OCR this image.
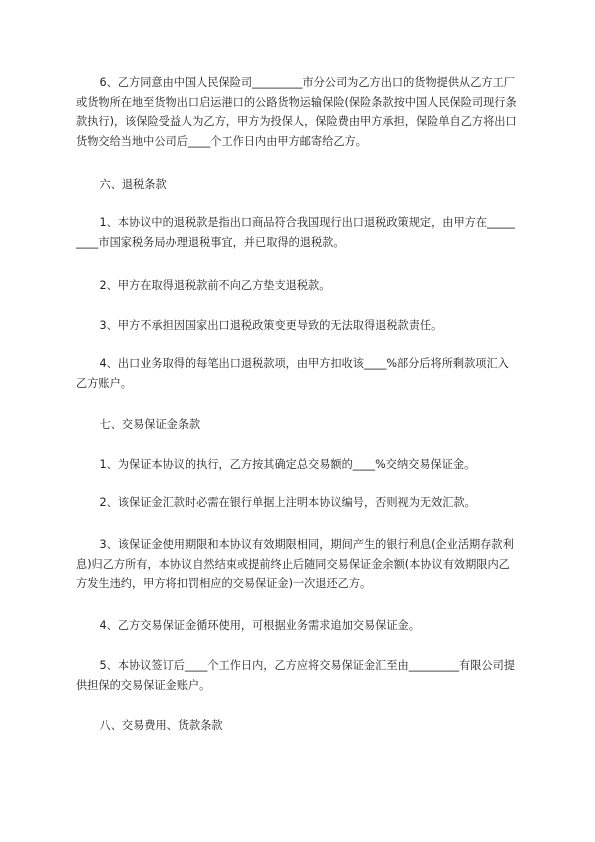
6、乙方同意由中国人民保险司_________市分公司为乙方出口的货物提供从乙方工厂或货物所在地至货物出口启运港口的公路货物运输保险(保险条款按中国人民保险司现行条款执行)，该保险受益人为乙方，甲方为投保人，保险费由甲方承担，保险单自乙方将出口货物交给当地中公司后____个工作日内由甲方邮寄给乙方。

六、退税条款

1、本协议中的退税款是指出口商品符合我国现行出口退税政策规定，由甲方在_________市国家税务局办理退税事宜，并已取得的退税款。

2、甲方在取得退税款前不向乙方垫支退税款。

3、甲方不承担因国家出口退税政策变更导致的无法取得退税款责任。

4、出口业务取得的每笔出口退税款项，由甲方扣收该____%部分后将所剩款项汇入乙方账户。

七、交易保证金条款

1、为保证本协议的执行，乙方按其确定总交易额的____%交纳交易保证金。

2、该保证金汇款时必需在银行单据上注明本协议编号，否则视为无效汇款。

3、该保证金使用期限和本协议有效期限相同，期间产生的银行利息(企业活期存款利息)归乙方所有，本协议自然结束或提前终止后随同交易保证金余额(本协议有效期限内乙方发生违约，甲方将扣罚相应的交易保证金)一次退还乙方。

4、乙方交易保证金循环使用，可根据业务需求追加交易保证金。

5、本协议签订后____个工作日内，乙方应将交易保证金汇至由_________有限公司提供担保的交易保证金账户。

八、交易费用、货款条款
